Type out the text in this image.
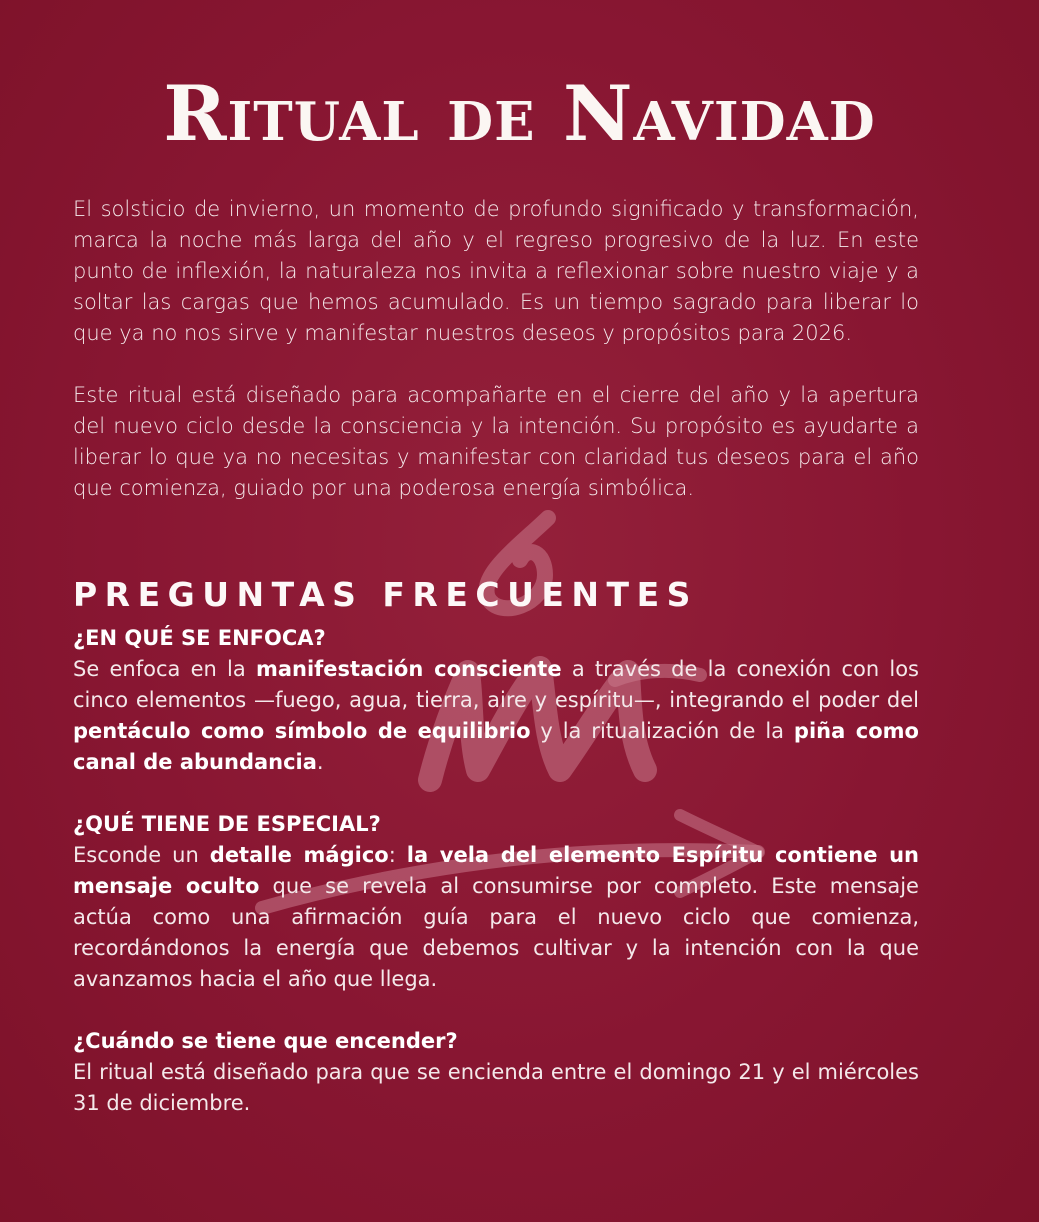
Ritual de Navidad

El solsticio de invierno, un momento de profundo significado y transformación, marca la noche más larga del año y el regreso progresivo de la luz. En este punto de inflexión, la naturaleza nos invita a reflexionar sobre nuestro viaje y a soltar las cargas que hemos acumulado. Es un tiempo sagrado para liberar lo que ya no nos sirve y manifestar nuestros deseos y propósitos para 2026.

Este ritual está diseñado para acompañarte en el cierre del año y la apertura del nuevo ciclo desde la consciencia y la intención. Su propósito es ayudarte a liberar lo que ya no necesitas y manifestar con claridad tus deseos para el año que comienza, guiado por una poderosa energía simbólica.

PREGUNTAS FRECUENTES

¿EN QUÉ SE ENFOCA?

Se enfoca en la manifestación consciente a través de la conexión con los cinco elementos —fuego, agua, tierra, aire y espíritu—, integrando el poder del pentáculo como símbolo de equilibrio y la ritualización de la piña como canal de abundancia.

¿QUÉ TIENE DE ESPECIAL?

Esconde un detalle mágico: la vela del elemento Espíritu contiene un mensaje oculto que se revela al consumirse por completo. Este mensaje actúa como una afirmación guía para el nuevo ciclo que comienza, recordándonos la energía que debemos cultivar y la intención con la que avanzamos hacia el año que llega.

¿Cuándo se tiene que encender?

El ritual está diseñado para que se encienda entre el domingo 21 y el miércoles 31 de diciembre.
